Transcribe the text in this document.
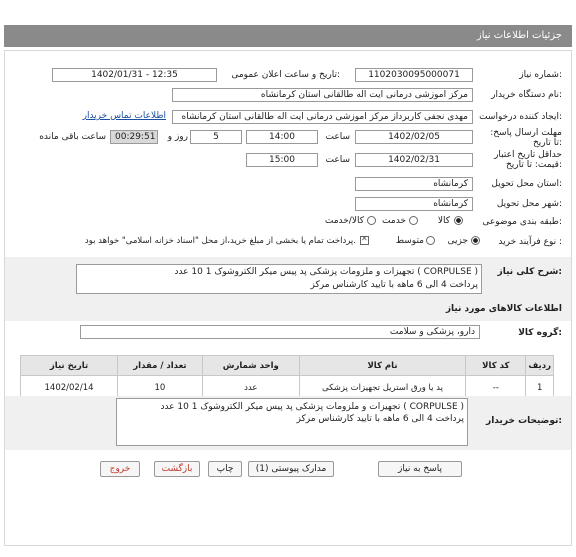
جزئیات اطلاعات نیاز
شماره نیاز:
1102030095000071
تاریخ و ساعت اعلان عمومی:
1402/01/31 - 12:35
نام دستگاه خریدار:
مرکز اموزشی درمانی ایت اله طالقانی استان کرمانشاه
ایجاد کننده درخواست:
مهدی نجفی کاربرداز مرکز اموزشی درمانی ایت اله طالقانی استان کرمانشاه
اطلاعات تماس خریدار
مهلت ارسال پاسخ: تا تاریخ:
1402/02/05
ساعت
14:00
5
روز و
00:29:51
ساعت باقی مانده
حداقل تاریخ اعتبار قیمت: تا تاریخ:
1402/02/31
ساعت
15:00
استان محل تحویل:
کرمانشاه
شهر محل تحویل:
کرمانشاه
طبقه بندی موضوعی:
کالا
خدمت
کالا/خدمت
نوع فرآیند خرید :
جزیی
متوسط
✕
پرداخت تمام یا بخشی از مبلغ خرید،از محل "اسناد خزانه اسلامی" خواهد بود.
شرح کلی نیاز:
تجهیزات و ملزومات پزشکی پد پیس میکر الکتروشوک 1 10 عدد ( CORPULSE )
پرداخت 4 الی 6 ماهه با تایید کارشناس مرکز
اطلاعات کالاهای مورد نیاز
گروه کالا:
دارو، پزشکی و سلامت
ردیف	کد کالا	نام کالا	واحد شمارش	تعداد / مقدار	تاریخ نیاز
1	--	پد یا ورق استریل تجهیزات پزشکی	عدد	10	1402/02/14
توضیحات خریدار:
تجهیزات و ملزومات پزشکی پد پیس میکر الکتروشوک 1 10 عدد ( CORPULSE )
پرداخت 4 الی 6 ماهه با تایید کارشناس مرکز
پاسخ به نیاز
مدارک پیوستی (1)
چاپ
بازگشت
خروج
